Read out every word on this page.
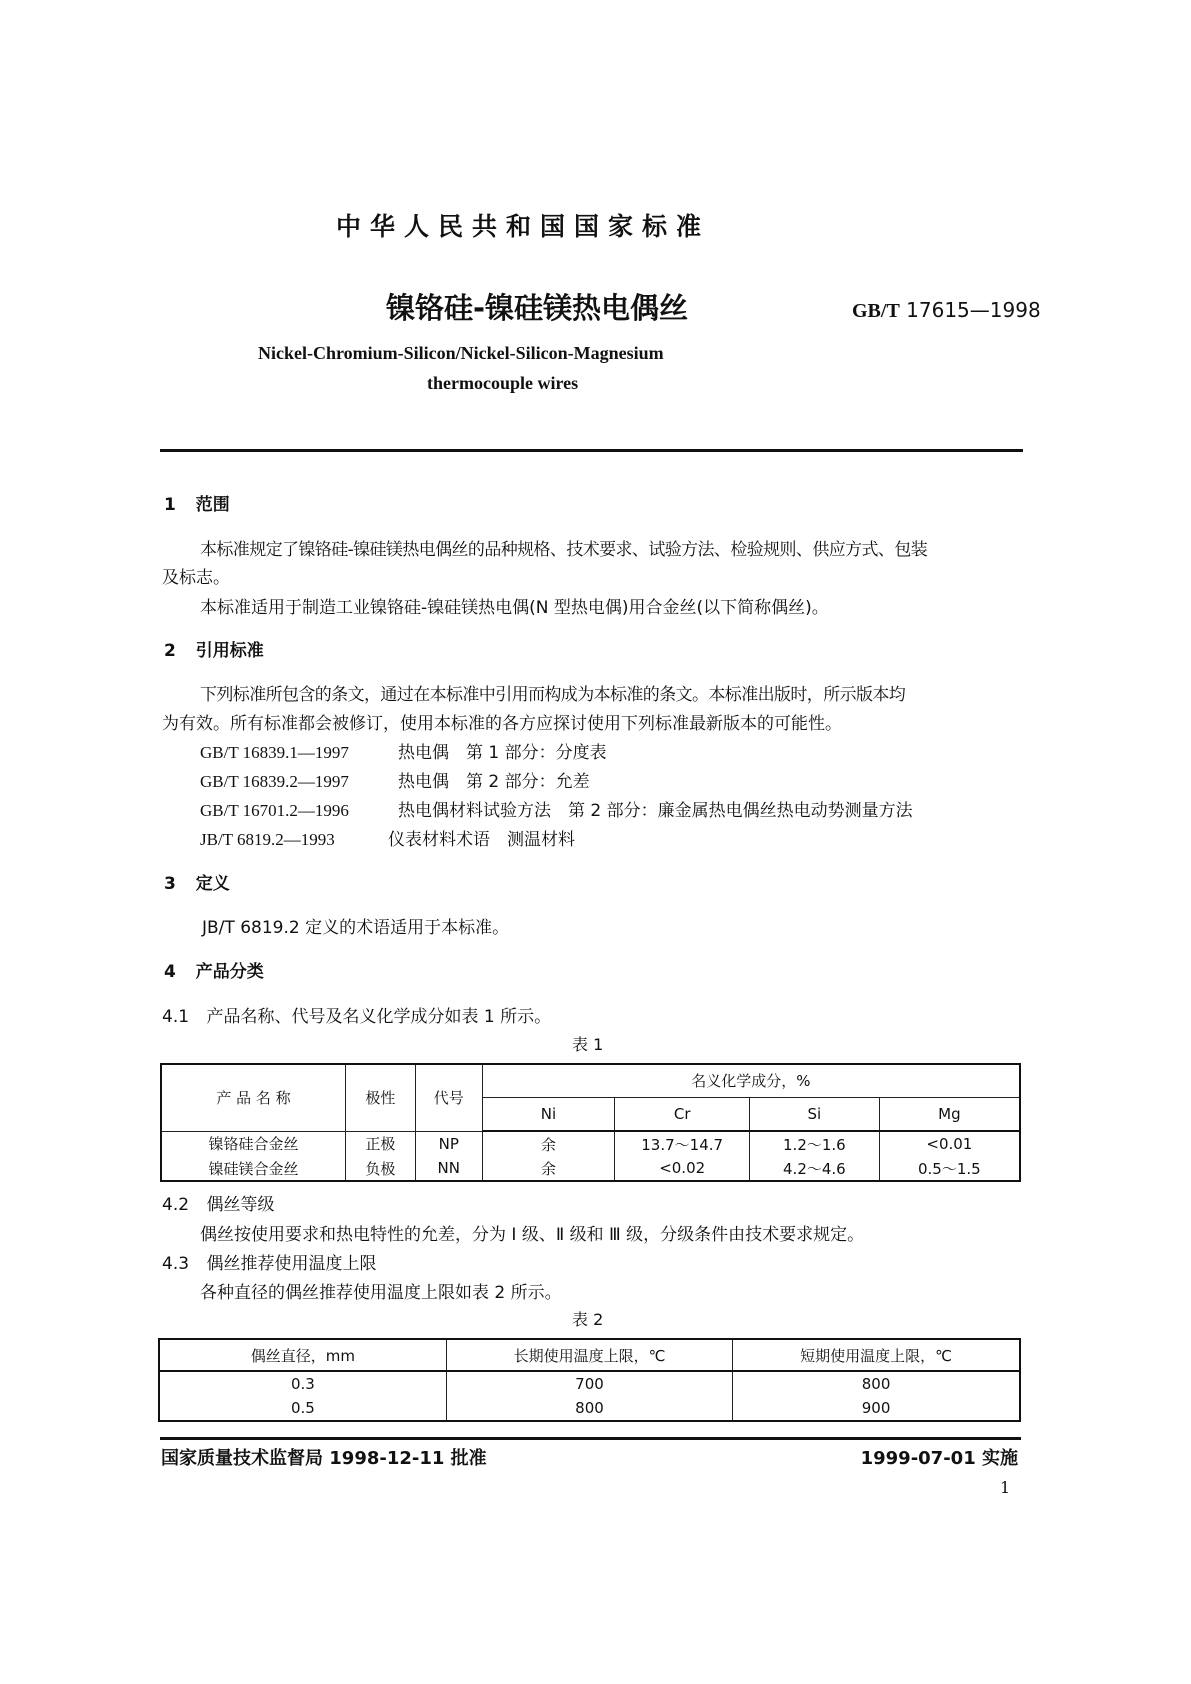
中华人民共和国国家标准
镍铬硅-镍硅镁热电偶丝	GB/T 17615—1998
Nickel-Chromium-Silicon/Nickel-Silicon-Magnesium
thermocouple wires
1 范围
本标准规定了镍铬硅-镍硅镁热电偶丝的品种规格、技术要求、试验方法、检验规则、供应方式、包装
及标志。
本标准适用于制造工业镍铬硅-镍硅镁热电偶(N 型热电偶)用合金丝(以下简称偶丝)。
2 引用标准
下列标准所包含的条文，通过在本标准中引用而构成为本标准的条文。本标准出版时，所示版本均
为有效。所有标准都会被修订，使用本标准的各方应探讨使用下列标准最新版本的可能性。
GB/T 16839.1—1997	热电偶　第 1 部分：分度表
GB/T 16839.2—1997	热电偶　第 2 部分：允差
GB/T 16701.2—1996	热电偶材料试验方法　第 2 部分：廉金属热电偶丝热电动势测量方法
JB/T 6819.2—1993	仪表材料术语　测温材料
3 定义
JB/T 6819.2 定义的术语适用于本标准。
4 产品分类
4.1 产品名称、代号及名义化学成分如表 1 所示。
表 1
产 品 名 称	极性	代号	名义化学成分，%			
			Ni	Cr	Si	Mg
镍铬硅合金丝	正极	NP	余	13.7～14.7	1.2～1.6	<0.01
镍硅镁合金丝	负极	NN	余	<0.02	4.2～4.6	0.5～1.5
4.2 偶丝等级
偶丝按使用要求和热电特性的允差，分为 Ⅰ 级、Ⅱ 级和 Ⅲ 级，分级条件由技术要求规定。
4.3 偶丝推荐使用温度上限
各种直径的偶丝推荐使用温度上限如表 2 所示。
表 2
偶丝直径，mm	长期使用温度上限，℃	短期使用温度上限，℃
0.3	700	800
0.5	800	900
国家质量技术监督局 1998-12-11 批准	1999-07-01 实施
1
